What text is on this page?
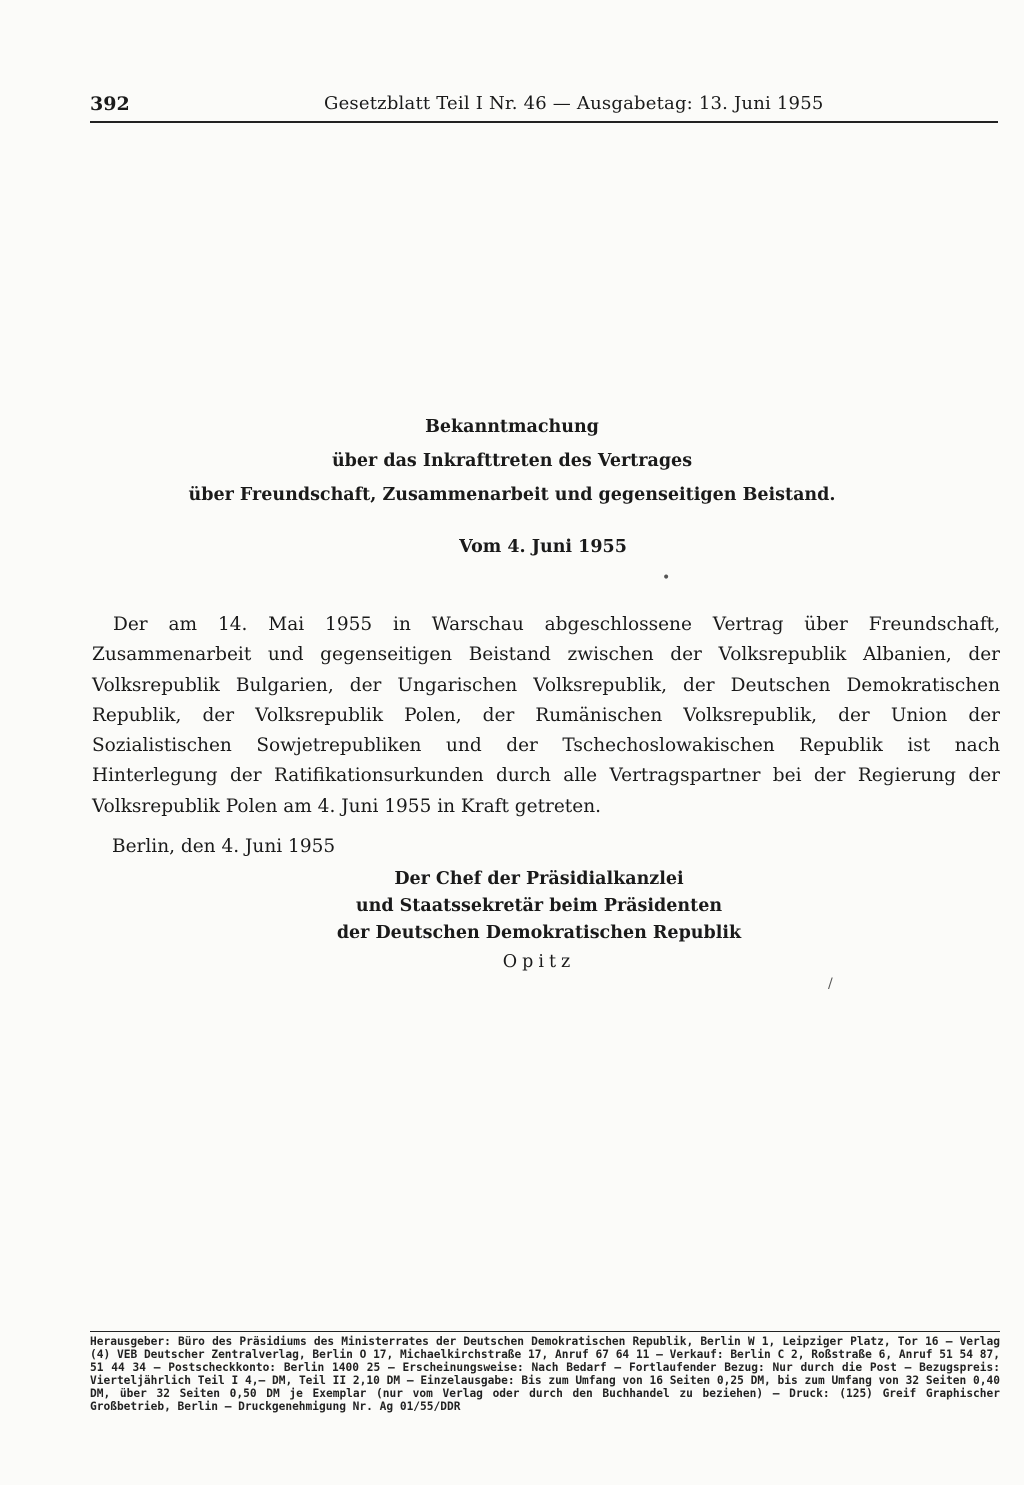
392	Gesetzblatt Teil I Nr. 46 — Ausgabetag: 13. Juni 1955
Bekanntmachung
über das Inkrafttreten des Vertrages
über Freundschaft, Zusammenarbeit und gegenseitigen Beistand.
Vom 4. Juni 1955
Der am 14. Mai 1955 in Warschau abgeschlossene Vertrag über Freundschaft, Zusammenarbeit und gegenseitigen Beistand zwischen der Volksrepublik Albanien, der Volksrepublik Bulgarien, der Ungarischen Volksrepublik, der Deutschen Demokratischen Republik, der Volksrepublik Polen, der Rumänischen Volksrepublik, der Union der Sozialistischen Sowjetrepubliken und der Tschechoslowakischen Republik ist nach Hinterlegung der Ratifikationsurkunden durch alle Vertragspartner bei der Regierung der Volksrepublik Polen am 4. Juni 1955 in Kraft getreten.
Berlin, den 4. Juni 1955
Der Chef der Präsidialkanzlei
und Staatssekretär beim Präsidenten
der Deutschen Demokratischen Republik
Opitz
•
/
Herausgeber: Büro des Präsidiums des Ministerrates der Deutschen Demokratischen Republik, Berlin W 1, Leipziger Platz, Tor 16 — Verlag (4) VEB Deutscher Zentralverlag, Berlin O 17, Michaelkirchstraße 17, Anruf 67 64 11 — Verkauf: Berlin C 2, Roßstraße 6, Anruf 51 54 87, 51 44 34 — Postscheckkonto: Berlin 1400 25 — Erscheinungsweise: Nach Bedarf — Fortlaufender Bezug: Nur durch die Post — Bezugspreis: Vierteljährlich Teil I 4,— DM, Teil II 2,10 DM — Einzelausgabe: Bis zum Umfang von 16 Seiten 0,25 DM, bis zum Umfang von 32 Seiten 0,40 DM, über 32 Seiten 0,50 DM je Exemplar (nur vom Verlag oder durch den Buchhandel zu beziehen) — Druck: (125) Greif Graphischer Großbetrieb, Berlin — Druckgenehmigung Nr. Ag 01/55/DDR
